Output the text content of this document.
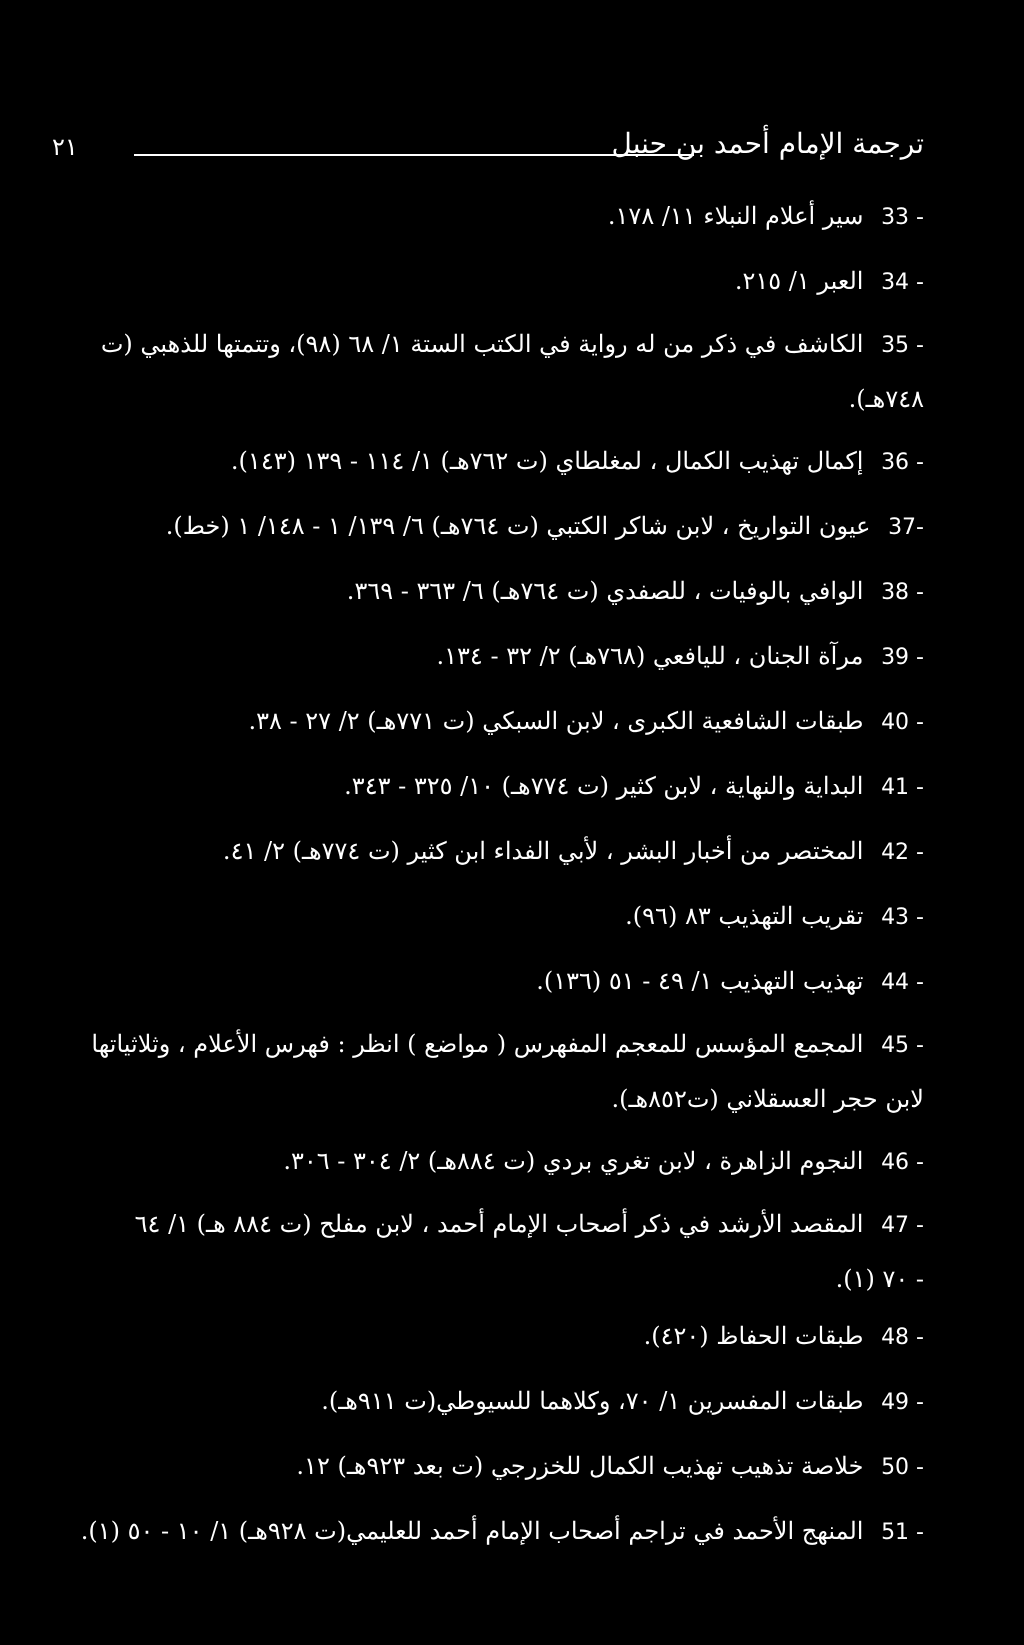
ترجمة الإمام أحمد بن حنبل
٢١
33 - سير أعلام النبلاء ١١/ ١٧٨.
34 - العبر ١/ ٢١٥.
35 - الكاشف في ذكر من له رواية في الكتب الستة ١/ ٦٨ (٩٨)، وتتمتها للذهبي (ت
٧٤٨هـ).
36 - إكمال تهذيب الكمال ، لمغلطاي (ت ٧٦٢هـ) ١/ ١١٤ - ١٣٩ (١٤٣).
37- عيون التواريخ ، لابن شاكر الكتبي (ت ٧٦٤هـ) ٦/ ١٣٩/ ١ - ١٤٨/ ١ (خط).
38 - الوافي بالوفيات ، للصفدي (ت ٧٦٤هـ) ٦/ ٣٦٣ - ٣٦٩.
39 - مرآة الجنان ، لليافعي (٧٦٨هـ) ٢/ ٣٢ - ١٣٤.
40 - طبقات الشافعية الكبرى ، لابن السبكي (ت ٧٧١هـ) ٢/ ٢٧ - ٣٨.
41 - البداية والنهاية ، لابن كثير (ت ٧٧٤هـ) ١٠/ ٣٢٥ - ٣٤٣.
42 - المختصر من أخبار البشر ، لأبي الفداء ابن كثير (ت ٧٧٤هـ) ٢/ ٤١.
43 - تقريب التهذيب ٨٣ (٩٦).
44 - تهذيب التهذيب ١/ ٤٩ - ٥١ (١٣٦).
45 - المجمع المؤسس للمعجم المفهرس ( مواضع ) انظر : فهرس الأعلام ، وثلاثياتها
لابن حجر العسقلاني (ت٨٥٢هـ).
46 - النجوم الزاهرة ، لابن تغري بردي (ت ٨٨٤هـ) ٢/ ٣٠٤ - ٣٠٦.
47 - المقصد الأرشد في ذكر أصحاب الإمام أحمد ، لابن مفلح (ت ٨٨٤ هـ) ١/ ٦٤
- ٧٠ (١).
48 - طبقات الحفاظ (٤٢٠).
49 - طبقات المفسرين ١/ ٧٠، وكلاهما للسيوطي(ت ٩١١هـ).
50 - خلاصة تذهيب تهذيب الكمال للخزرجي (ت بعد ٩٢٣هـ) ١٢.
51 - المنهج الأحمد في تراجم أصحاب الإمام أحمد للعليمي(ت ٩٢٨هـ) ١/ ١٠ - ٥٠ (١).
